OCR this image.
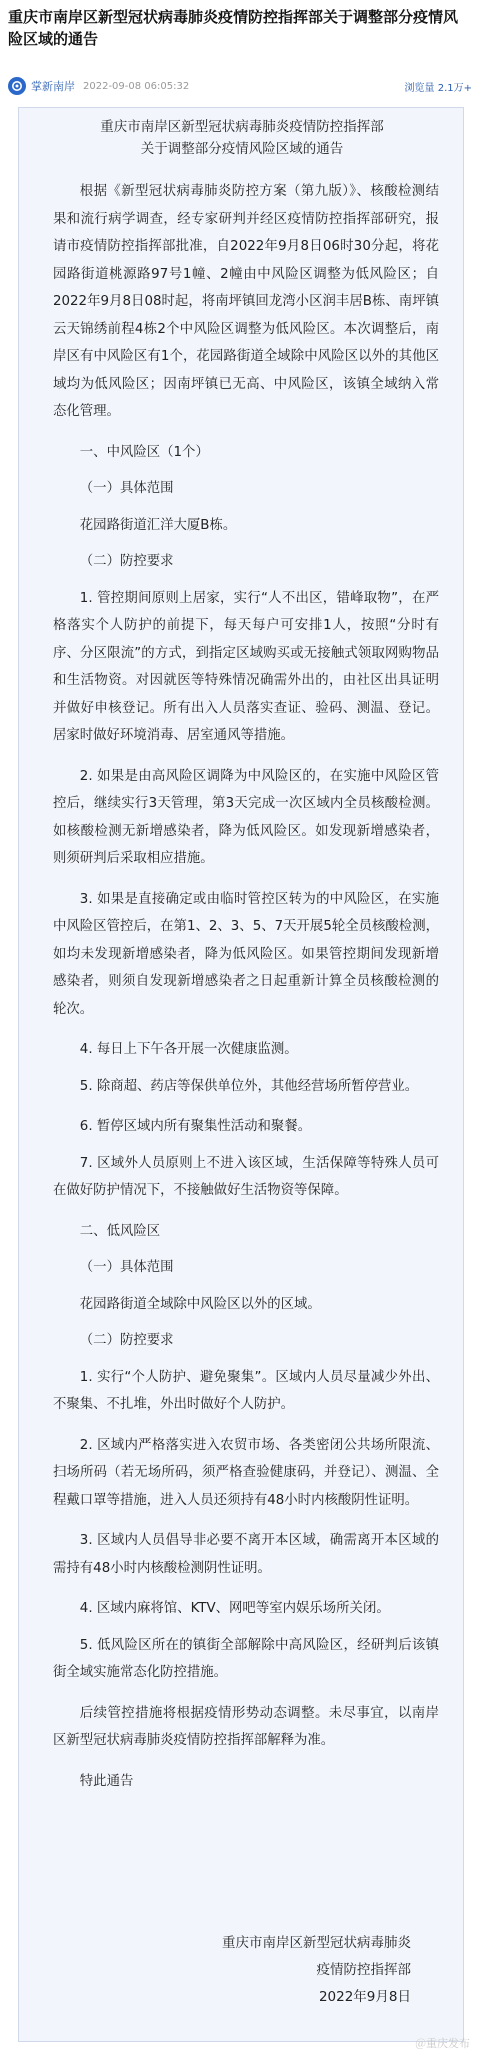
重庆市南岸区新型冠状病毒肺炎疫情防控指挥部关于调整部分疫情风险区域的通告
掌新南岸 2022-09-08 06:05:32	浏览量 2.1万+
重庆市南岸区新型冠状病毒肺炎疫情防控指挥部
关于调整部分疫情风险区域的通告

根据《新型冠状病毒肺炎防控方案（第九版）》、核酸检测结果和流行病学调查，经专家研判并经区疫情防控指挥部研究，报请市疫情防控指挥部批准，自2022年9月8日06时30分起，将花园路街道桃源路97号1幢、2幢由中风险区调整为低风险区；自2022年9月8日08时起，将南坪镇回龙湾小区润丰居B栋、南坪镇云天锦绣前程4栋2个中风险区调整为低风险区。本次调整后，南岸区有中风险区有1个，花园路街道全域除中风险区以外的其他区域均为低风险区；因南坪镇已无高、中风险区，该镇全域纳入常态化管理。

一、中风险区（1个）

（一）具体范围

花园路街道汇洋大厦B栋。

（二）防控要求

1. 管控期间原则上居家，实行“人不出区，错峰取物”，在严格落实个人防护的前提下，每天每户可安排1人，按照“分时有序、分区限流”的方式，到指定区域购买或无接触式领取网购物品和生活物资。对因就医等特殊情况确需外出的，由社区出具证明并做好申核登记。所有出入人员落实查证、验码、测温、登记。居家时做好环境消毒、居室通风等措施。

2. 如果是由高风险区调降为中风险区的，在实施中风险区管控后，继续实行3天管理，第3天完成一次区域内全员核酸检测。如核酸检测无新增感染者，降为低风险区。如发现新增感染者，则须研判后采取相应措施。

3. 如果是直接确定或由临时管控区转为的中风险区，在实施中风险区管控后，在第1、2、3、5、7天开展5轮全员核酸检测，如均未发现新增感染者，降为低风险区。如果管控期间发现新增感染者，则须自发现新增感染者之日起重新计算全员核酸检测的轮次。

4. 每日上下午各开展一次健康监测。

5. 除商超、药店等保供单位外，其他经营场所暂停营业。

6. 暂停区域内所有聚集性活动和聚餐。

7. 区域外人员原则上不进入该区域，生活保障等特殊人员可在做好防护情况下，不接触做好生活物资等保障。

二、低风险区

（一）具体范围

花园路街道全域除中风险区以外的区域。

（二）防控要求

1. 实行“个人防护、避免聚集”。区域内人员尽量减少外出、不聚集、不扎堆，外出时做好个人防护。

2. 区域内严格落实进入农贸市场、各类密闭公共场所限流、扫场所码（若无场所码，须严格查验健康码，并登记）、测温、全程戴口罩等措施，进入人员还须持有48小时内核酸阴性证明。

3. 区域内人员倡导非必要不离开本区域，确需离开本区域的需持有48小时内核酸检测阴性证明。

4. 区域内麻将馆、KTV、网吧等室内娱乐场所关闭。

5. 低风险区所在的镇街全部解除中高风险区，经研判后该镇街全域实施常态化防控措施。

后续管控措施将根据疫情形势动态调整。未尽事宜，以南岸区新型冠状病毒肺炎疫情防控指挥部解释为准。

特此通告

重庆市南岸区新型冠状病毒肺炎
疫情防控指挥部
2022年9月8日
＠重庆发布
